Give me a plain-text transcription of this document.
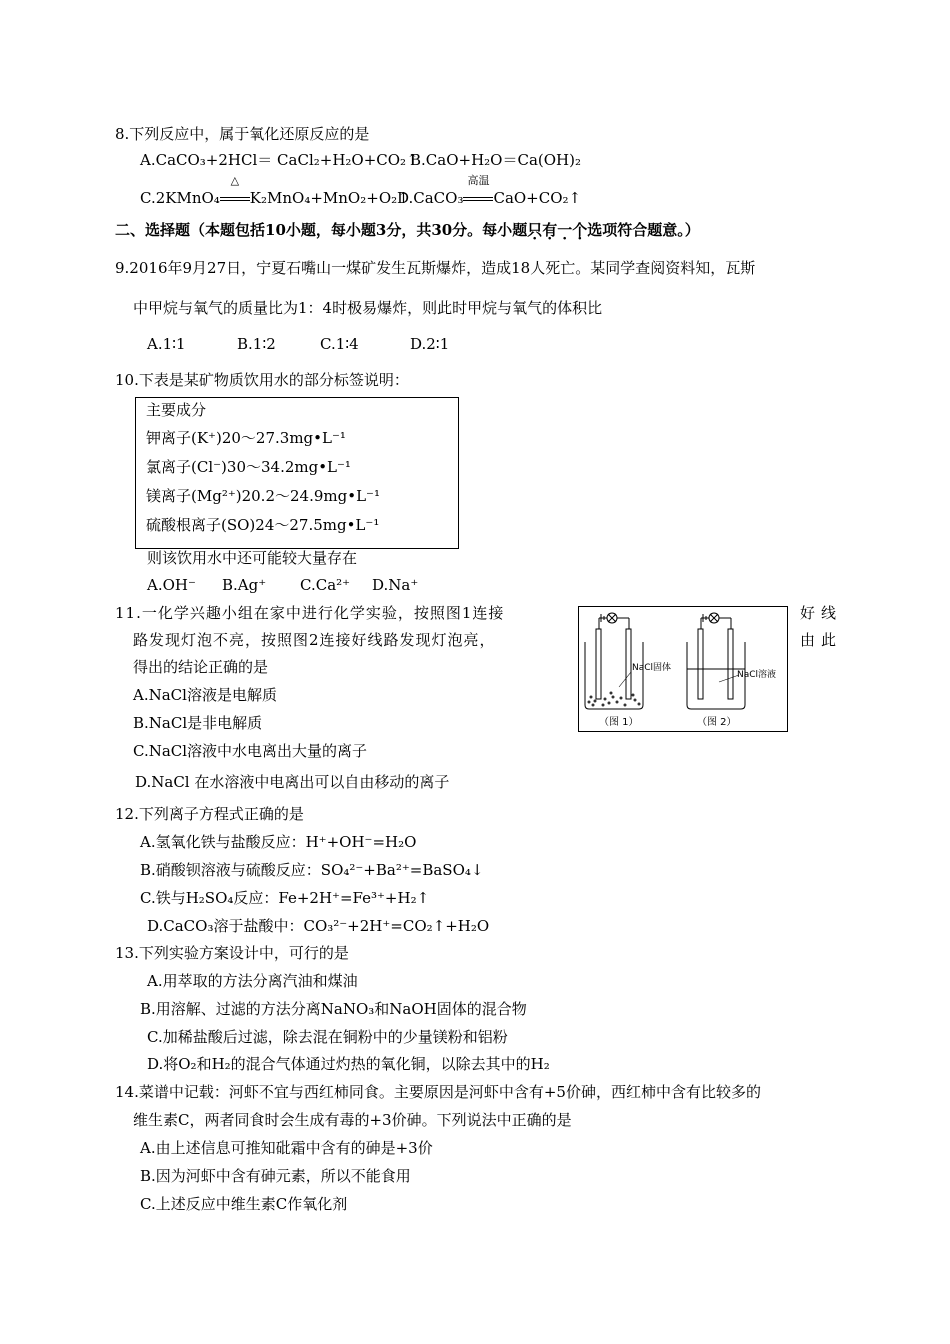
8.下列反应中，属于氧化还原反应的是
A.CaCO₃+2HCl＝ CaCl₂+H₂O+CO₂↑
B.CaO+H₂O＝Ca(OH)₂
C.2KMnO₄
△
K₂MnO₄+MnO₂+O₂↑
D.CaCO₃
高温
CaO+CO₂↑
二、选择题（本题包括10小题，每小题3分，共30分。每小题只有一个选项符合题意。）
9.2016年9月27日，宁夏石嘴山一煤矿发生瓦斯爆炸，造成18人死亡。某同学查阅资料知，瓦斯
中甲烷与氧气的质量比为1：4时极易爆炸，则此时甲烷与氧气的体积比
A.1∶1	B.1∶2	C.1∶4	D.2∶1
10.下表是某矿物质饮用水的部分标签说明：
主要成分
钾离子(K⁺)20～27.3mg•L⁻¹
氯离子(Cl⁻)30～34.2mg•L⁻¹
镁离子(Mg²⁺)20.2～24.9mg•L⁻¹
硫酸根离子(SO)24～27.5mg•L⁻¹
则该饮用水中还可能较大量存在
A.OH⁻ B.Ag⁺ C.Ca²⁺ D.Na⁺
11.一化学兴趣小组在家中进行化学实验，按照图1连接	好线
路发现灯泡不亮，按照图2连接好线路发现灯泡亮，	由此
得出的结论正确的是
A.NaCl溶液是电解质
B.NaCl是非电解质
C.NaCl溶液中水电离出大量的离子
D.NaCl 在水溶液中电离出可以自由移动的离子
NaCl固体
（图 1）
NaCl溶液
（图 2）
12.下列离子方程式正确的是
A.氢氧化铁与盐酸反应：H⁺+OH⁻=H₂O
B.硝酸钡溶液与硫酸反应：SO₄²⁻+Ba²⁺=BaSO₄↓
C.铁与H₂SO₄反应：Fe+2H⁺=Fe³⁺+H₂↑
D.CaCO₃溶于盐酸中：CO₃²⁻+2H⁺=CO₂↑+H₂O
13.下列实验方案设计中，可行的是
A.用萃取的方法分离汽油和煤油
B.用溶解、过滤的方法分离NaNO₃和NaOH固体的混合物
C.加稀盐酸后过滤，除去混在铜粉中的少量镁粉和铝粉
D.将O₂和H₂的混合气体通过灼热的氧化铜，以除去其中的H₂
14.菜谱中记载：河虾不宜与西红柿同食。主要原因是河虾中含有+5价砷，西红柿中含有比较多的
维生素C，两者同食时会生成有毒的+3价砷。下列说法中正确的是
A.由上述信息可推知砒霜中含有的砷是+3价
B.因为河虾中含有砷元素，所以不能食用
C.上述反应中维生素C作氧化剂
